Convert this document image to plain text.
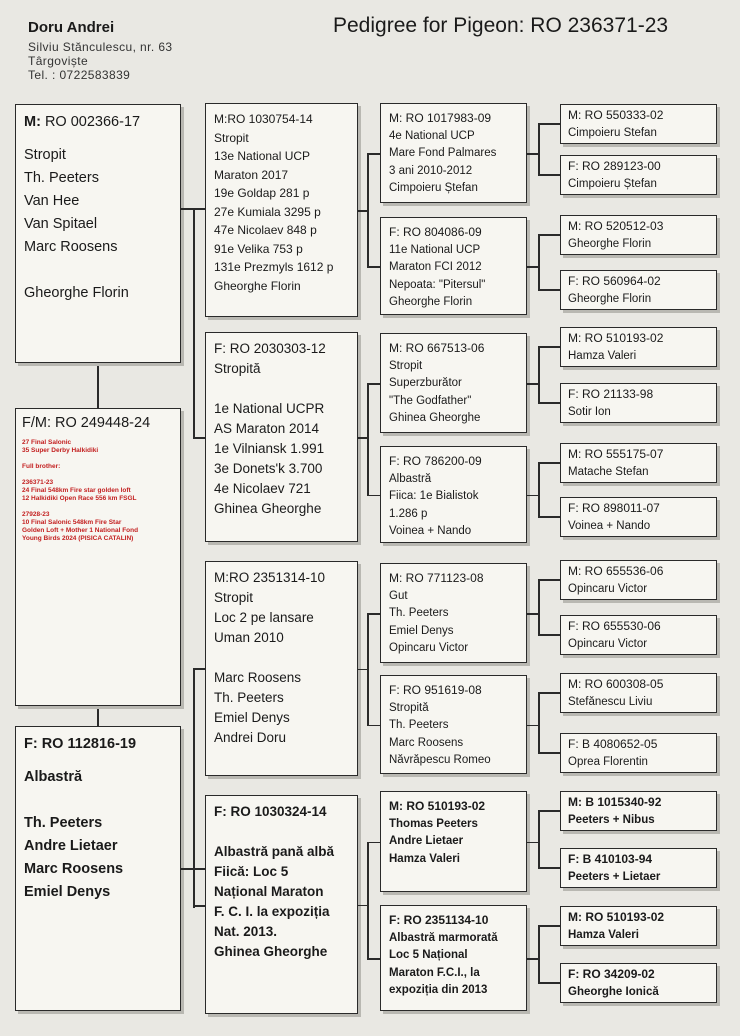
Doru Andrei
Silviu Stănculescu, nr. 63
Târgoviște
Tel. : 0722583839
Pedigree for Pigeon: RO 236371-23
M: RO 002366-17
Stropit
Th. Peeters
Van Hee
Van Spitael
Marc Roosens

Gheorghe Florin
F/M: RO 249448-24
27 Final Salonic
35 Super Derby Halkidiki

Full brother:

236371-23
24 Final 548km Fire star golden loft
12 Halkidiki Open Race 556 km FSGL

27928-23
10 Final Salonic 548km Fire Star
Golden Loft + Mother 1 National Fond
Young Birds 2024 (PISICA CATALIN)
F: RO 112816-19
Albastră

Th. Peeters
Andre Lietaer
Marc Roosens
Emiel Denys
M:RO 1030754-14
Stropit
13e National UCP
Maraton 2017
19e Goldap 281 p
27e Kumiala 3295 p
47e Nicolaev 848 p
91e Velika 753 p
131e Prezmyls 1612 p
Gheorghe Florin
F: RO 2030303-12
Stropită

1e National UCPR
AS Maraton 2014
1e Vilniansk 1.991
3e Donets'k 3.700
4e Nicolaev 721
Ghinea Gheorghe
M:RO 2351314-10
Stropit
Loc 2 pe lansare
Uman 2010

Marc Roosens
Th. Peeters
Emiel Denys
Andrei Doru
F: RO 1030324-14

Albastră pană albă
Fiică: Loc 5
Național Maraton
F. C. I. la expoziția
Nat. 2013.
Ghinea Gheorghe
M: RO 1017983-09
4e National UCP
Mare Fond Palmares
3 ani 2010-2012
Cimpoieru Ștefan
F: RO 804086-09
11e National UCP
Maraton FCI 2012
Nepoata: "Pitersul"
Gheorghe Florin
M: RO 667513-06
Stropit
Superzburător
"The Godfather"
Ghinea Gheorghe
F: RO 786200-09
Albastră
Fiica: 1e Bialistok
1.286 p
Voinea + Nando
M: RO 771123-08
Gut
Th. Peeters
Emiel Denys
Opincaru Victor
F: RO 951619-08
Stropită
Th. Peeters
Marc Roosens
Năvrăpescu Romeo
M: RO 510193-02
Thomas Peeters
Andre Lietaer
Hamza Valeri
F: RO 2351134-10
Albastră marmorată
Loc 5 Național
Maraton F.C.I., la
expoziția din 2013
M: RO 550333-02
Cimpoieru Stefan
F: RO 289123-00
Cimpoieru Ștefan
M: RO 520512-03
Gheorghe Florin
F: RO 560964-02
Gheorghe Florin
M: RO 510193-02
Hamza Valeri
F: RO 21133-98
Sotir Ion
M: RO 555175-07
Matache Stefan
F: RO 898011-07
Voinea + Nando
M: RO 655536-06
Opincaru Victor
F: RO 655530-06
Opincaru Victor
M: RO 600308-05
Stefănescu Liviu
F: B 4080652-05
Oprea Florentin
M: B 1015340-92
Peeters + Nibus
F: B 410103-94
Peeters + Lietaer
M: RO 510193-02
Hamza Valeri
F: RO 34209-02
Gheorghe Ionică
